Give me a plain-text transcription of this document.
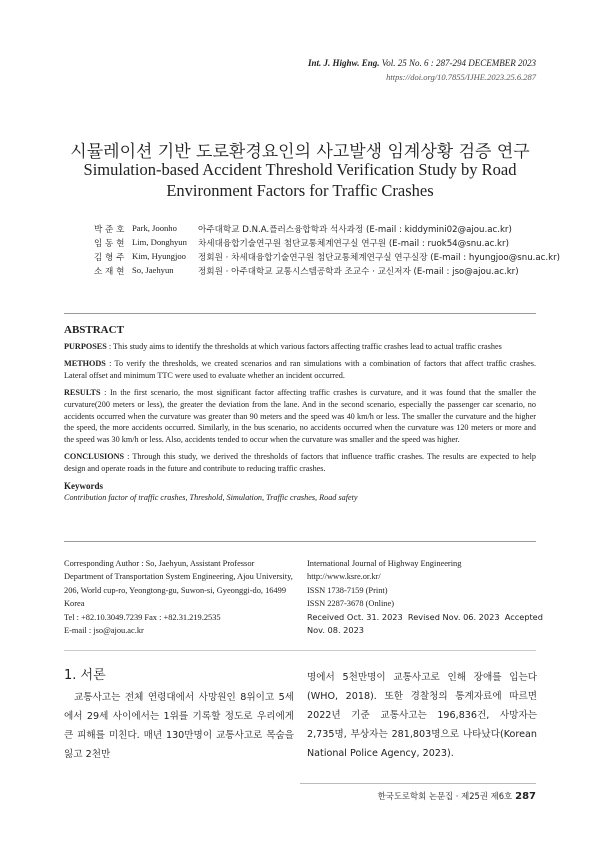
Int. J. Highw. Eng. Vol. 25 No. 6 : 287-294 DECEMBER 2023
https://doi.org/10.7855/IJHE.2023.25.6.287
시뮬레이션 기반 도로환경요인의 사고발생 임계상황 검증 연구
Simulation-based Accident Threshold Verification Study by Road Environment Factors for Traffic Crashes
박 준 호 Park, Joonho 아주대학교 D.N.A.플러스융합학과 석사과정 (E-mail : kiddymini02@ajou.ac.kr)
임 동 현 Lim, Donghyun 차세대융합기술연구원 첨단교통체계연구실 연구원 (E-mail : ruok54@snu.ac.kr)
김 형 주 Kim, Hyungjoo 정회원 · 차세대융합기술연구원 첨단교통체계연구실 연구실장 (E-mail : hyungjoo@snu.ac.kr)
소 재 현 So, Jaehyun	정회원 · 아주대학교 교통시스템공학과 조교수 · 교신저자 (E-mail : jso@ajou.ac.kr)
ABSTRACT

PURPOSES : This study aims to identify the thresholds at which various factors affecting traffic crashes lead to actual traffic crashes

METHODS : To verify the thresholds, we created scenarios and ran simulations with a combination of factors that affect traffic crashes. Lateral offset and minimum TTC were used to evaluate whether an incident occurred.

RESULTS : In the first scenario, the most significant factor affecting traffic crashes is curvature, and it was found that the smaller the curvature(200 meters or less), the greater the deviation from the lane. And in the second scenario, especially the passenger car scenario, no accidents occurred when the curvature was greater than 90 meters and the speed was 40 km/h or less. The smaller the curvature and the higher the speed, the more accidents occurred. Similarly, in the bus scenario, no accidents occurred when the curvature was 120 meters or more and the speed was 30 km/h or less. Also, accidents tended to occur when the curvature was smaller and the speed was higher.

CONCLUSIONS : Through this study, we derived the thresholds of factors that influence traffic crashes. The results are expected to help design and operate roads in the future and contribute to reducing traffic crashes.

Keywords
Contribution factor of traffic crashes, Threshold, Simulation, Traffic crashes, Road safety
Corresponding Author : So, Jaehyun, Assistant Professor
Department of Transportation System Engineering, Ajou University,
206, World cup-ro, Yeongtong-gu, Suwon-si, Gyeonggi-do, 16499
Korea
Tel : +82.10.3049.7239 Fax : +82.31.219.2535
E-mail : jso@ajou.ac.kr
International Journal of Highway Engineering
http://www.ksre.or.kr/
ISSN 1738-7159 (Print)
ISSN 2287-3678 (Online)
Received Oct. 31. 2023 Revised Nov. 06. 2023 Accepted Nov. 08. 2023
1. 서론
교통사고는 전체 연령대에서 사망원인 8위이고 5세에서 29세 사이에서는 1위를 기록할 정도로 우리에게 큰 피해를 미친다. 매년 130만명이 교통사고로 목숨을 잃고 2천만
명에서 5천만명이 교통사고로 인해 장애를 입는다(WHO, 2018). 또한 경찰청의 통계자료에 따르면 2022년 기준 교통사고는 196,836건, 사망자는 2,735명, 부상자는 281,803명으로 나타났다(Korean National Police Agency, 2023).
한국도로학회 논문집 · 제25권 제6호 287
